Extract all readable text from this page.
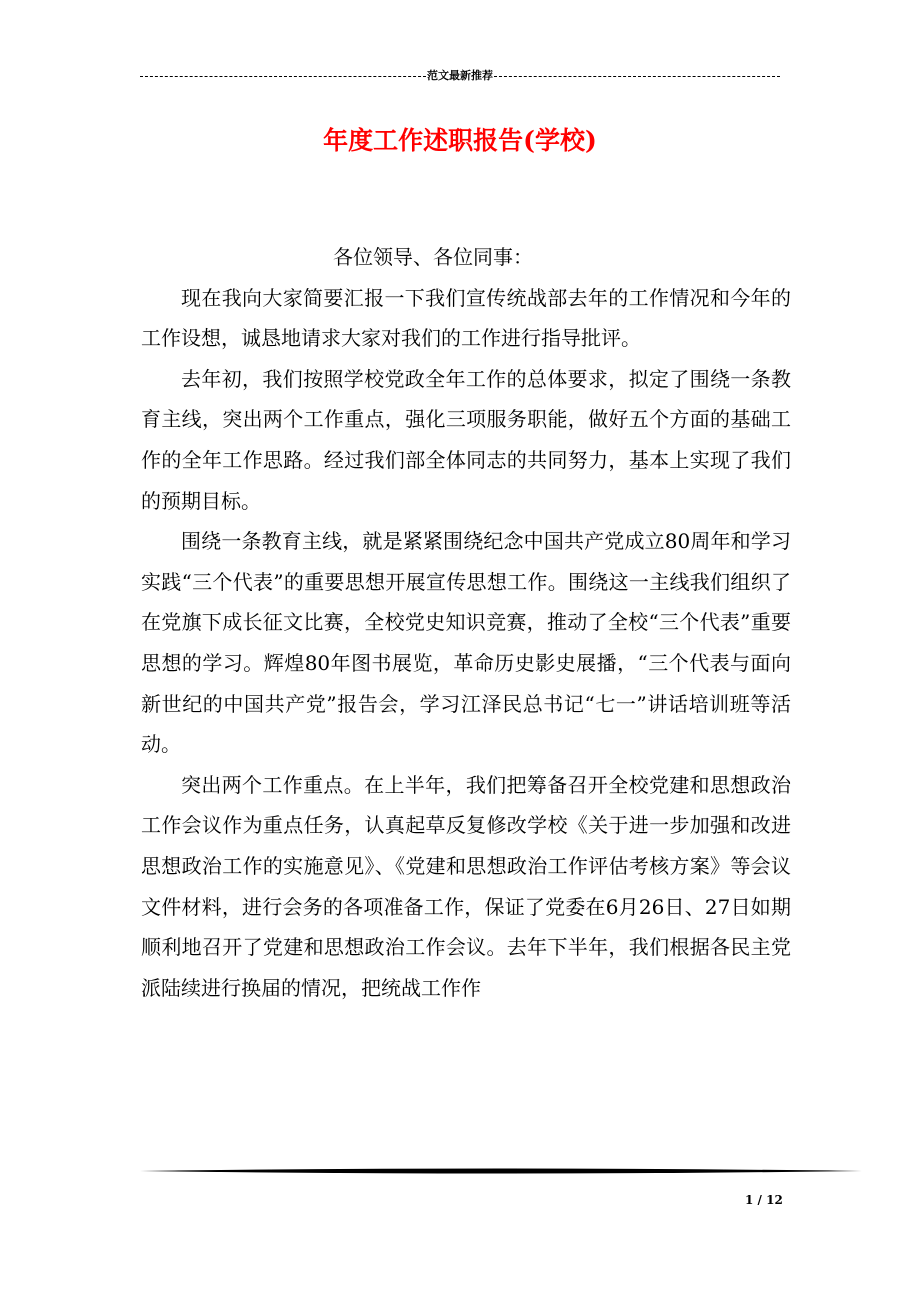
范文最新推荐
年度工作述职报告(学校)

各位领导、各位同事：

现在我向大家简要汇报一下我们宣传统战部去年的工作情况和今年的工作设想，诚恳地请求大家对我们的工作进行指导批评。

去年初，我们按照学校党政全年工作的总体要求，拟定了围绕一条教育主线，突出两个工作重点，强化三项服务职能，做好五个方面的基础工作的全年工作思路。经过我们部全体同志的共同努力，基本上实现了我们的预期目标。

围绕一条教育主线，就是紧紧围绕纪念中国共产党成立80周年和学习实践“三个代表”的重要思想开展宣传思想工作。围绕这一主线我们组织了在党旗下成长征文比赛，全校党史知识竞赛，推动了全校“三个代表”重要思想的学习。辉煌80年图书展览，革命历史影史展播，“三个代表与面向新世纪的中国共产党”报告会，学习江泽民总书记“七一”讲话培训班等活动。

突出两个工作重点。在上半年，我们把筹备召开全校党建和思想政治工作会议作为重点任务，认真起草反复修改学校《关于进一步加强和改进思想政治工作的实施意见》、《党建和思想政治工作评估考核方案》等会议文件材料，进行会务的各项准备工作，保证了党委在6月26日、27日如期顺利地召开了党建和思想政治工作会议。去年下半年，我们根据各民主党派陆续进行换届的情况，把统战工作作

1 / 12
